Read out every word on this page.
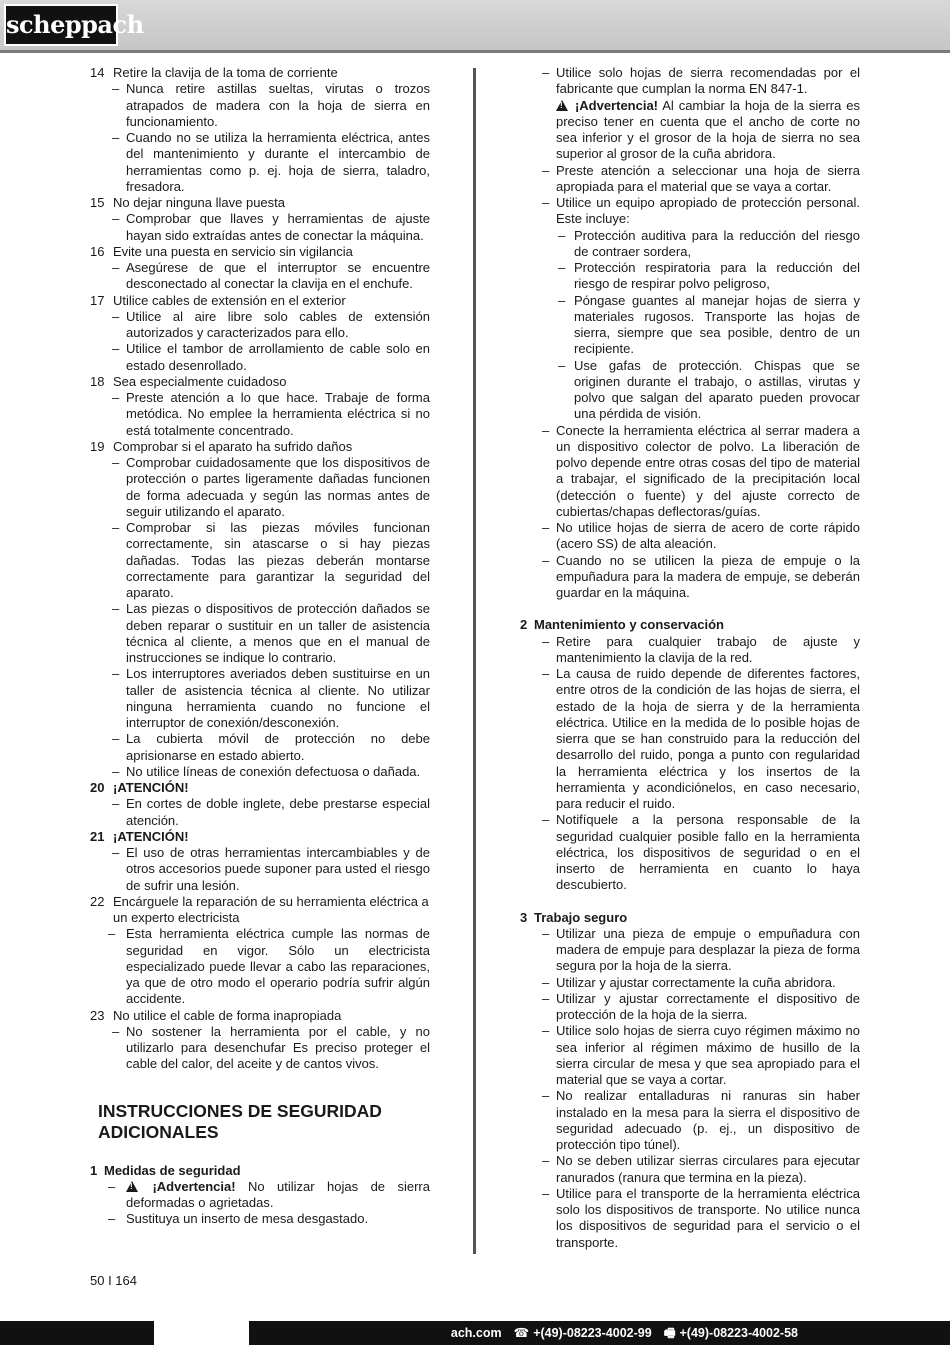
scheppach

14 Retire la clavija de la toma de corriente

– Nunca retire astillas sueltas, virutas o trozos atrapados de madera con la hoja de sierra en funcionamiento.

– Cuando no se utiliza la herramienta eléctrica, antes del mantenimiento y durante el intercambio de herramientas como p. ej. hoja de sierra, taladro, fresadora.

15 No dejar ninguna llave puesta

– Comprobar que llaves y herramientas de ajuste hayan sido extraídas antes de conectar la máquina.

16 Evite una puesta en servicio sin vigilancia

– Asegúrese de que el interruptor se encuentre desconectado al conectar la clavija en el enchufe.

17 Utilice cables de extensión en el exterior

– Utilice al aire libre solo cables de extensión autorizados y caracterizados para ello.

– Utilice el tambor de arrollamiento de cable solo en estado desenrollado.

18 Sea especialmente cuidadoso

– Preste atención a lo que hace. Trabaje de forma metódica. No emplee la herramienta eléctrica si no está totalmente concentrado.

19 Comprobar si el aparato ha sufrido daños

– Comprobar cuidadosamente que los dispositivos de protección o partes ligeramente dañadas funcionen de forma adecuada y según las normas antes de seguir utilizando el aparato.

– Comprobar si las piezas móviles funcionan correctamente, sin atascarse o si hay piezas dañadas. Todas las piezas deberán montarse correctamente para garantizar la seguridad del aparato.

– Las piezas o dispositivos de protección dañados se deben reparar o sustituir en un taller de asistencia técnica al cliente, a menos que en el manual de instrucciones se indique lo contrario.

– Los interruptores averiados deben sustituirse en un taller de asistencia técnica al cliente. No utilizar ninguna herramienta cuando no funcione el interruptor de conexión/desconexión.

– La cubierta móvil de protección no debe aprisionarse en estado abierto.

– No utilice líneas de conexión defectuosa o dañada.

20 ¡ATENCIÓN!

– En cortes de doble inglete, debe prestarse especial atención.

21 ¡ATENCIÓN!

– El uso de otras herramientas intercambiables y de otros accesorios puede suponer para usted el riesgo de sufrir una lesión.

22 Encárguele la reparación de su herramienta eléctrica a un experto electricista

– Esta herramienta eléctrica cumple las normas de seguridad en vigor. Sólo un electricista especializado puede llevar a cabo las reparaciones, ya que de otro modo el operario podría sufrir algún accidente.

23 No utilice el cable de forma inapropiada

– No sostener la herramienta por el cable, y no utilizarlo para desenchufar Es preciso proteger el cable del calor, del aceite y de cantos vivos.

INSTRUCCIONES DE SEGURIDAD ADICIONALES

1 Medidas de seguridad

–
!	¡Advertencia! No utilizar hojas de sierra deformadas o agrietadas.

– Sustituya un inserto de mesa desgastado.

– Utilice solo hojas de sierra recomendadas por el fabricante que cumplan la norma EN 847-1.

! ¡Advertencia! Al cambiar la hoja de la sierra es preciso tener en cuenta que el ancho de corte no sea inferior y el grosor de la hoja de sierra no sea superior al grosor de la cuña abridora.

– Preste atención a seleccionar una hoja de sierra apropiada para el material que se vaya a cortar.

– Utilice un equipo apropiado de protección personal. Este incluye:

– Protección auditiva para la reducción del riesgo de contraer sordera,

– Protección respiratoria para la reducción del riesgo de respirar polvo peligroso,

– Póngase guantes al manejar hojas de sierra y materiales rugosos. Transporte las hojas de sierra, siempre que sea posible, dentro de un recipiente.

– Use gafas de protección. Chispas que se originen durante el trabajo, o astillas, virutas y polvo que salgan del aparato pueden provocar una pérdida de visión.

– Conecte la herramienta eléctrica al serrar madera a un dispositivo colector de polvo. La liberación de polvo depende entre otras cosas del tipo de material a trabajar, el significado de la precipitación local (detección o fuente) y del ajuste correcto de cubiertas/chapas deflectoras/guías.

– No utilice hojas de sierra de acero de corte rápido (acero SS) de alta aleación.

– Cuando no se utilicen la pieza de empuje o la empuñadura para la madera de empuje, se deberán guardar en la máquina.

2 Mantenimiento y conservación

– Retire para cualquier trabajo de ajuste y mantenimiento la clavija de la red.

– La causa de ruido depende de diferentes factores, entre otros de la condición de las hojas de sierra, el estado de la hoja de sierra y de la herramienta eléctrica. Utilice en la medida de lo posible hojas de sierra que se han construido para la reducción del desarrollo del ruido, ponga a punto con regularidad la herramienta eléctrica y los insertos de la herramienta y acondiciónelos, en caso necesario, para reducir el ruido.

– Notifíquele a la persona responsable de la seguridad cualquier posible fallo en la herramienta eléctrica, los dispositivos de seguridad o en el inserto de herramienta en cuanto lo haya descubierto.

3 Trabajo seguro

– Utilizar una pieza de empuje o empuñadura con madera de empuje para desplazar la pieza de forma segura por la hoja de la sierra.

– Utilizar y ajustar correctamente la cuña abridora.

– Utilizar y ajustar correctamente el dispositivo de protección de la hoja de la sierra.

– Utilice solo hojas de sierra cuyo régimen máximo no sea inferior al régimen máximo de husillo de la sierra circular de mesa y que sea apropiado para el material que se vaya a cortar.

– No realizar entalladuras ni ranuras sin haber instalado en la mesa para la sierra el dispositivo de seguridad adecuado (p. ej., un dispositivo de protección tipo túnel).

– No se deben utilizar sierras circulares para ejecutar ranurados (ranura que termina en la pieza).

– Utilice para el transporte de la herramienta eléctrica solo los dispositivos de transporte. No utilice nunca los dispositivos de seguridad para el servicio o el transporte.

50 I 164
ach.com ☎ +(49)-08223-4002-99 🖷 +(49)-08223-4002-58
